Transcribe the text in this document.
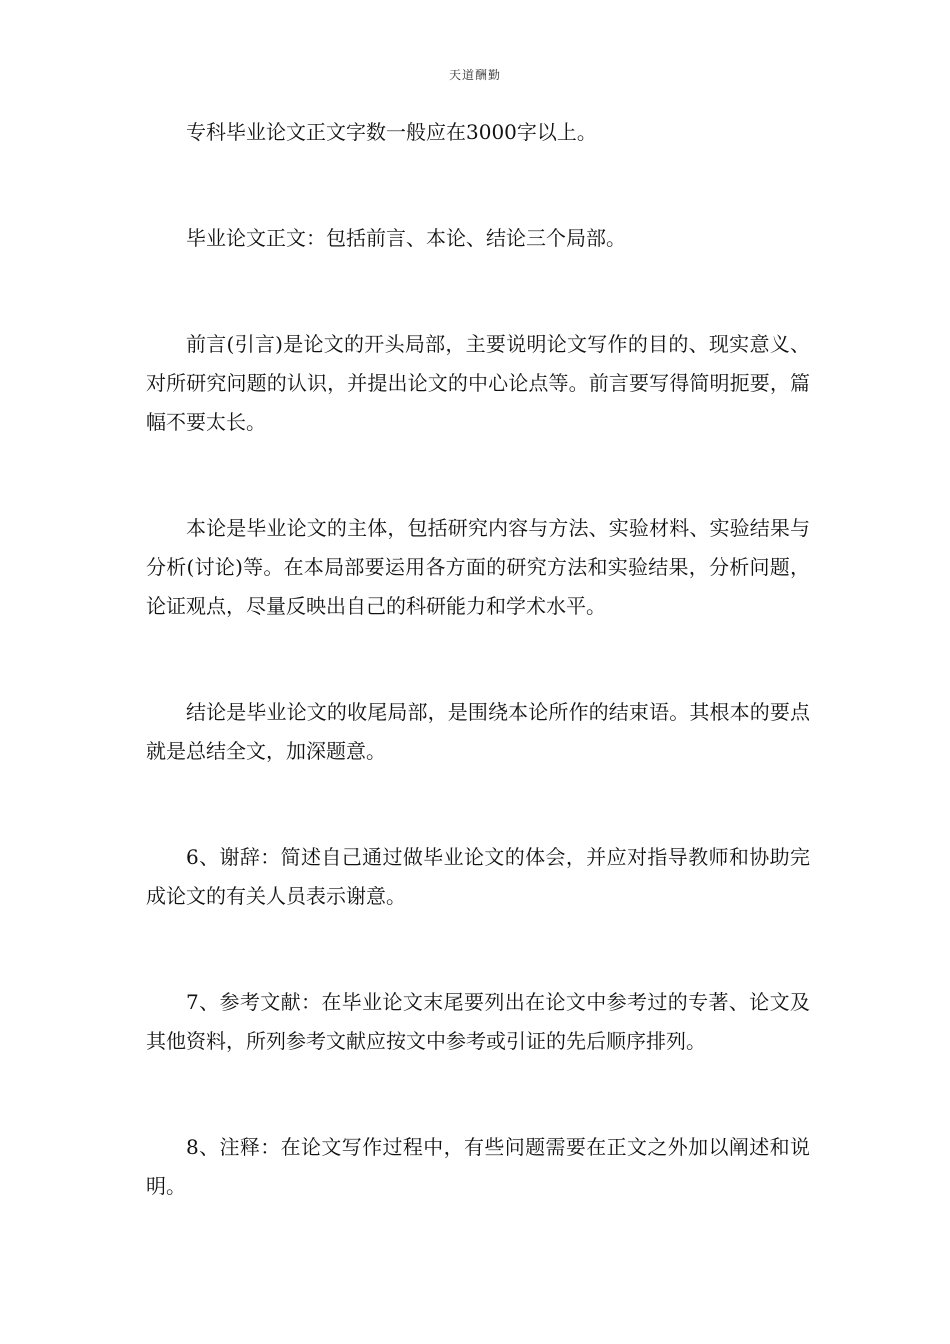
天道酬勤

专科毕业论文正文字数一般应在3000字以上。

毕业论文正文：包括前言、本论、结论三个局部。

前言(引言)是论文的开头局部，主要说明论文写作的目的、现实意义、对所研究问题的认识，并提出论文的中心论点等。前言要写得简明扼要，篇幅不要太长。

本论是毕业论文的主体，包括研究内容与方法、实验材料、实验结果与分析(讨论)等。在本局部要运用各方面的研究方法和实验结果，分析问题，论证观点，尽量反映出自己的科研能力和学术水平。

结论是毕业论文的收尾局部，是围绕本论所作的结束语。其根本的要点就是总结全文，加深题意。

6、谢辞：简述自己通过做毕业论文的体会，并应对指导教师和协助完成论文的有关人员表示谢意。

7、参考文献：在毕业论文末尾要列出在论文中参考过的专著、论文及其他资料，所列参考文献应按文中参考或引证的先后顺序排列。

8、注释：在论文写作过程中，有些问题需要在正文之外加以阐述和说明。
